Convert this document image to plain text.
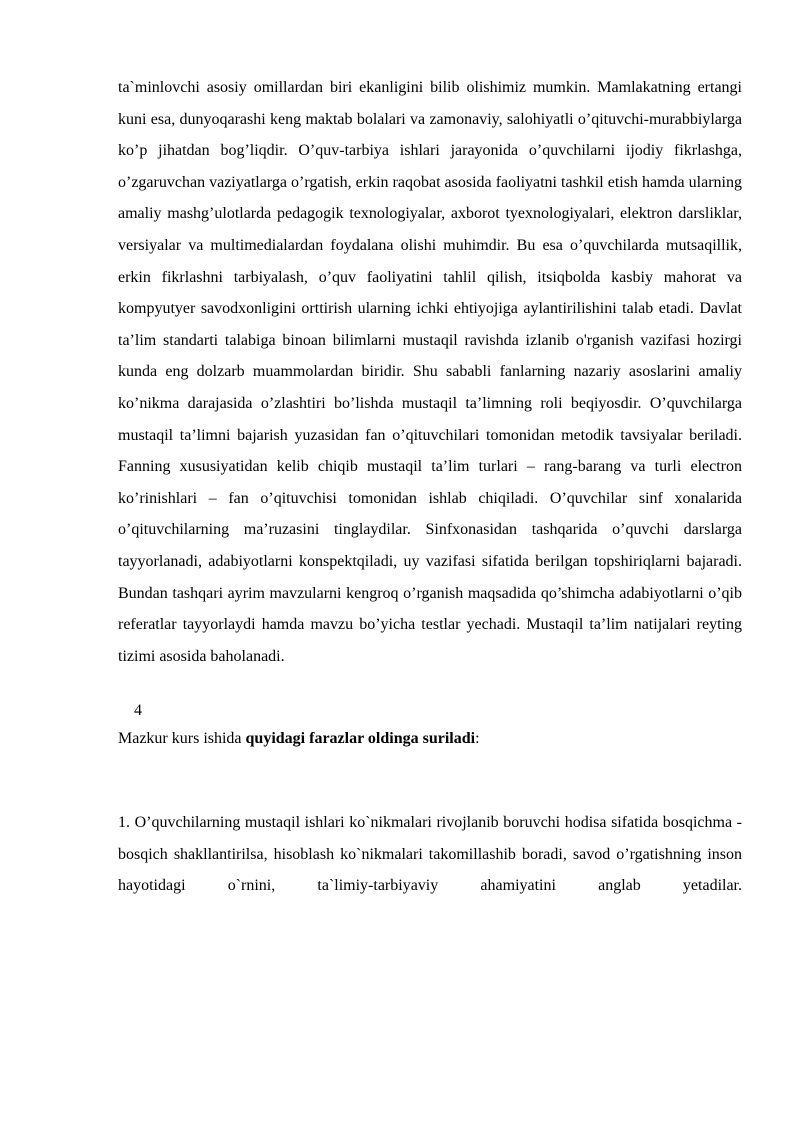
ta`minlovchi asosiy omillardan biri ekanligini bilib olishimiz mumkin. Mamlakatning ertangi kuni esa, dunyoqarashi keng maktab bolalari va zamonaviy, salohiyatli o’qituvchi-murabbiylarga ko’p jihatdan bog’liqdir. O’quv-tarbiya ishlari jarayonida o’quvchilarni ijodiy fikrlashga, o’zgaruvchan vaziyatlarga o’rgatish, erkin raqobat asosida faoliyatni tashkil etish hamda ularning amaliy mashg’ulotlarda pedagogik texnologiyalar, axborot tyexnologiyalari, elektron darsliklar, versiyalar va multimedialardan foydalana olishi muhimdir. Bu esa o’quvchilarda mutsaqillik, erkin fikrlashni tarbiyalash, o’quv faoliyatini tahlil qilish, itsiqbolda kasbiy mahorat va kompyutyer savodxonligini orttirish ularning ichki ehtiyojiga aylantirilishini talab etadi. Davlat ta’lim standarti talabiga binoan bilimlarni mustaqil ravishda izlanib o'rganish vazifasi hozirgi kunda eng dolzarb muammolardan biridir. Shu sababli fanlarning nazariy asoslarini amaliy ko’nikma darajasida o’zlashtiri bo’lishda mustaqil ta’limning roli beqiyosdir. O’quvchilarga mustaqil ta’limni bajarish yuzasidan fan o’qituvchilari tomonidan metodik tavsiyalar beriladi. Fanning xususiyatidan kelib chiqib mustaqil ta’lim turlari – rang-barang va turli electron ko’rinishlari – fan o’qituvchisi tomonidan ishlab chiqiladi. O’quvchilar sinf xonalarida o’qituvchilarning ma’ruzasini tinglaydilar. Sinfxonasidan tashqarida o’quvchi darslarga tayyorlanadi, adabiyotlarni konspektqiladi, uy vazifasi sifatida berilgan topshiriqlarni bajaradi. Bundan tashqari ayrim mavzularni kengroq o’rganish maqsadida qo’shimcha adabiyotlarni o’qib referatlar tayyorlaydi hamda mavzu bo’yicha testlar yechadi. Mustaqil ta’lim natijalari reyting tizimi asosida baholanadi.

4

Mazkur kurs ishida quyidagi farazlar oldinga suriladi:

1. O’quvchilarning mustaqil ishlari ko`nikmalari rivojlanib boruvchi hodisa sifatida bosqichma - bosqich shakllantirilsa, hisoblash ko`nikmalari takomillashib boradi, savod o’rgatishning inson hayotidagi o`rnini, ta`limiy-tarbiyaviy ahamiyatini anglab yetadilar.
